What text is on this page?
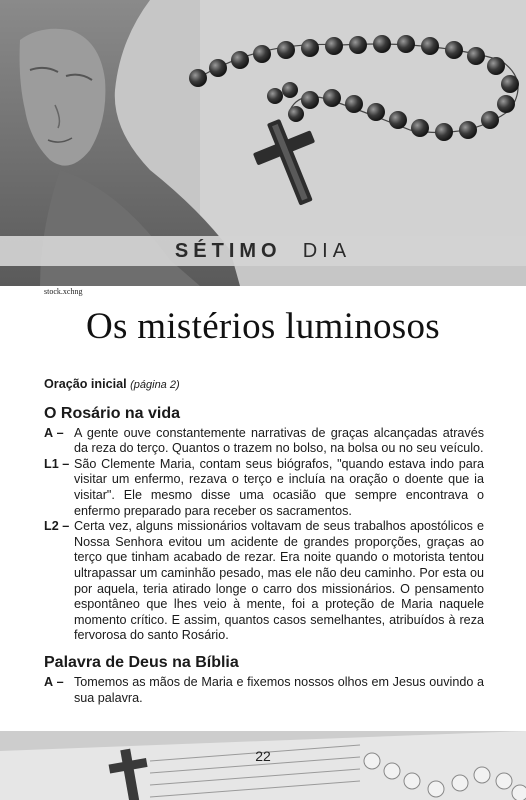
SÉTIMO DIA
stock.xchng
Os mistérios luminosos

Oração inicial (página 2)

O Rosário na vida
A – A gente ouve constantemente narrativas de graças alcançadas através da reza do terço. Quantos o trazem no bolso, na bolsa ou no seu veículo.
L1 – São Clemente Maria, contam seus biógrafos, "quando estava indo para visitar um enfermo, rezava o terço e incluía na oração o doente que ia visitar". Ele mesmo disse uma ocasião que sempre encontrava o enfermo preparado para receber os sacramentos.
L2 – Certa vez, alguns missionários voltavam de seus trabalhos apostólicos e Nossa Senhora evitou um acidente de grandes proporções, graças ao terço que tinham acabado de rezar. Era noite quando o motorista tentou ultrapassar um caminhão pesado, mas ele não deu caminho. Por esta ou por aquela, teria atirado longe o carro dos missionários. O pensamento espontâneo que lhes veio à mente, foi a proteção de Maria naquele momento crítico. E assim, quantos casos semelhantes, atribuídos à reza fervorosa do santo Rosário.
Palavra de Deus na Bíblia
A – Tomemos as mãos de Maria e fixemos nossos olhos em Jesus ouvindo a sua palavra.
22
